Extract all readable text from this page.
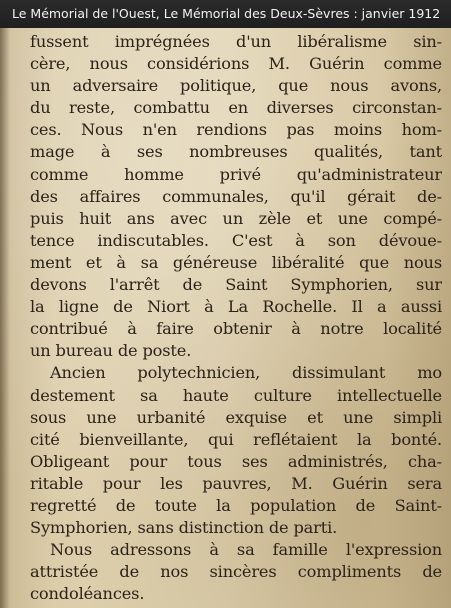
Le Mémorial de l'Ouest, Le Mémorial des Deux-Sèvres : janvier 1912
fussent imprégnées d'un libéralisme sin-
cère, nous considérions M. Guérin comme
un adversaire politique, que nous avons,
du reste, combattu en diverses circonstan-
ces. Nous n'en rendions pas moins hom-
mage à ses nombreuses qualités, tant
comme homme privé qu'administrateur
des affaires communales, qu'il gérait de-
puis huit ans avec un zèle et une compé-
tence indiscutables. C'est à son dévoue-
ment et à sa généreuse libéralité que nous
devons l'arrêt de Saint Symphorien, sur
la ligne de Niort à La Rochelle. Il a aussi
contribué à faire obtenir à notre localité
un bureau de poste.
Ancien polytechnicien, dissimulant mo
destement sa haute culture intellectuelle
sous une urbanité exquise et une simpli
cité bienveillante, qui reflétaient la bonté.
Obligeant pour tous ses administrés, cha-
ritable pour les pauvres, M. Guérin sera
regretté de toute la population de Saint-
Symphorien, sans distinction de parti.
Nous adressons à sa famille l'expression
attristée de nos sincères compliments de
condoléances.
